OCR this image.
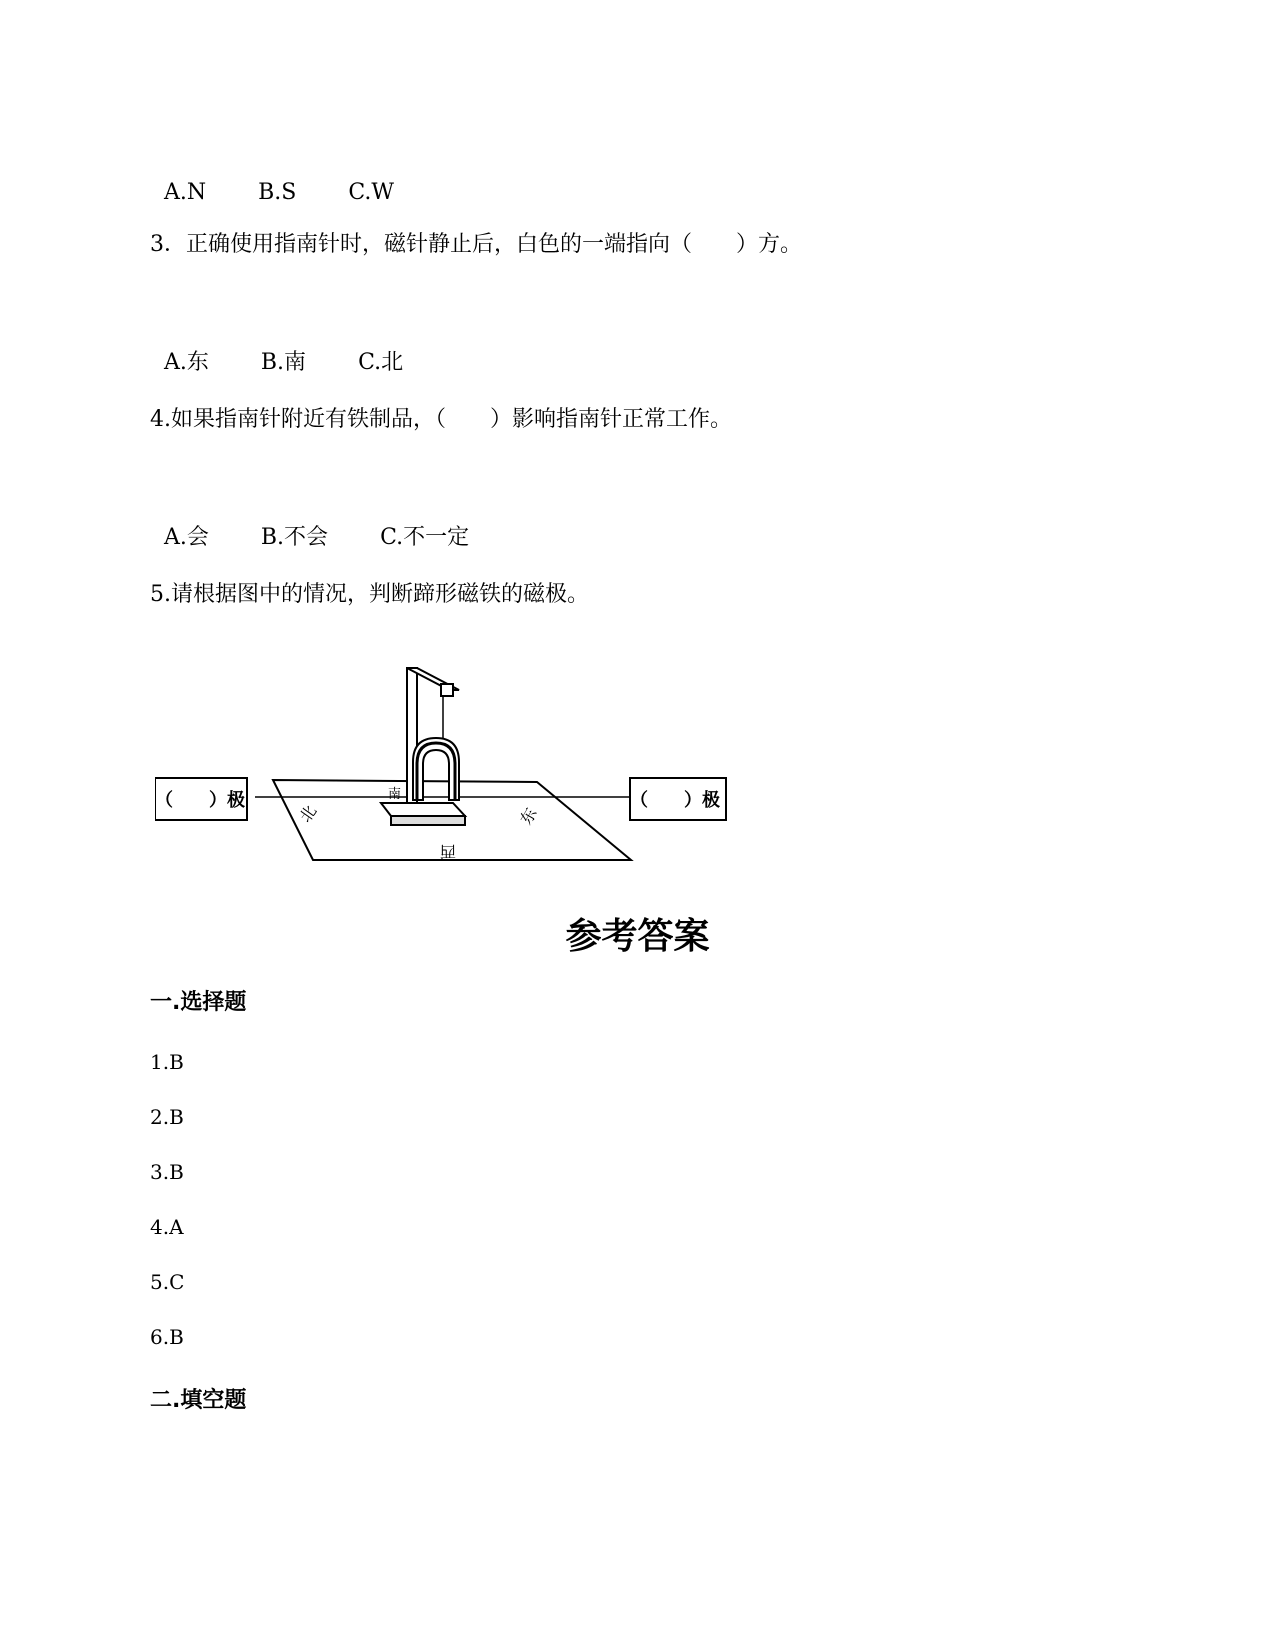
A.N B.S C.W

3．正确使用指南针时，磁针静止后，白色的一端指向（　　）方。

A.东 B.南 C.北

4.如果指南针附近有铁制品，（　　）影响指南针正常工作。

A.会 B.不会 C.不一定

5.请根据图中的情况，判断蹄形磁铁的磁极。
北
南
西
东
（　　）极	（　　）极
参考答案
一.选择题
1.B
2.B
3.B
4.A
5.C
6.B
二.填空题
